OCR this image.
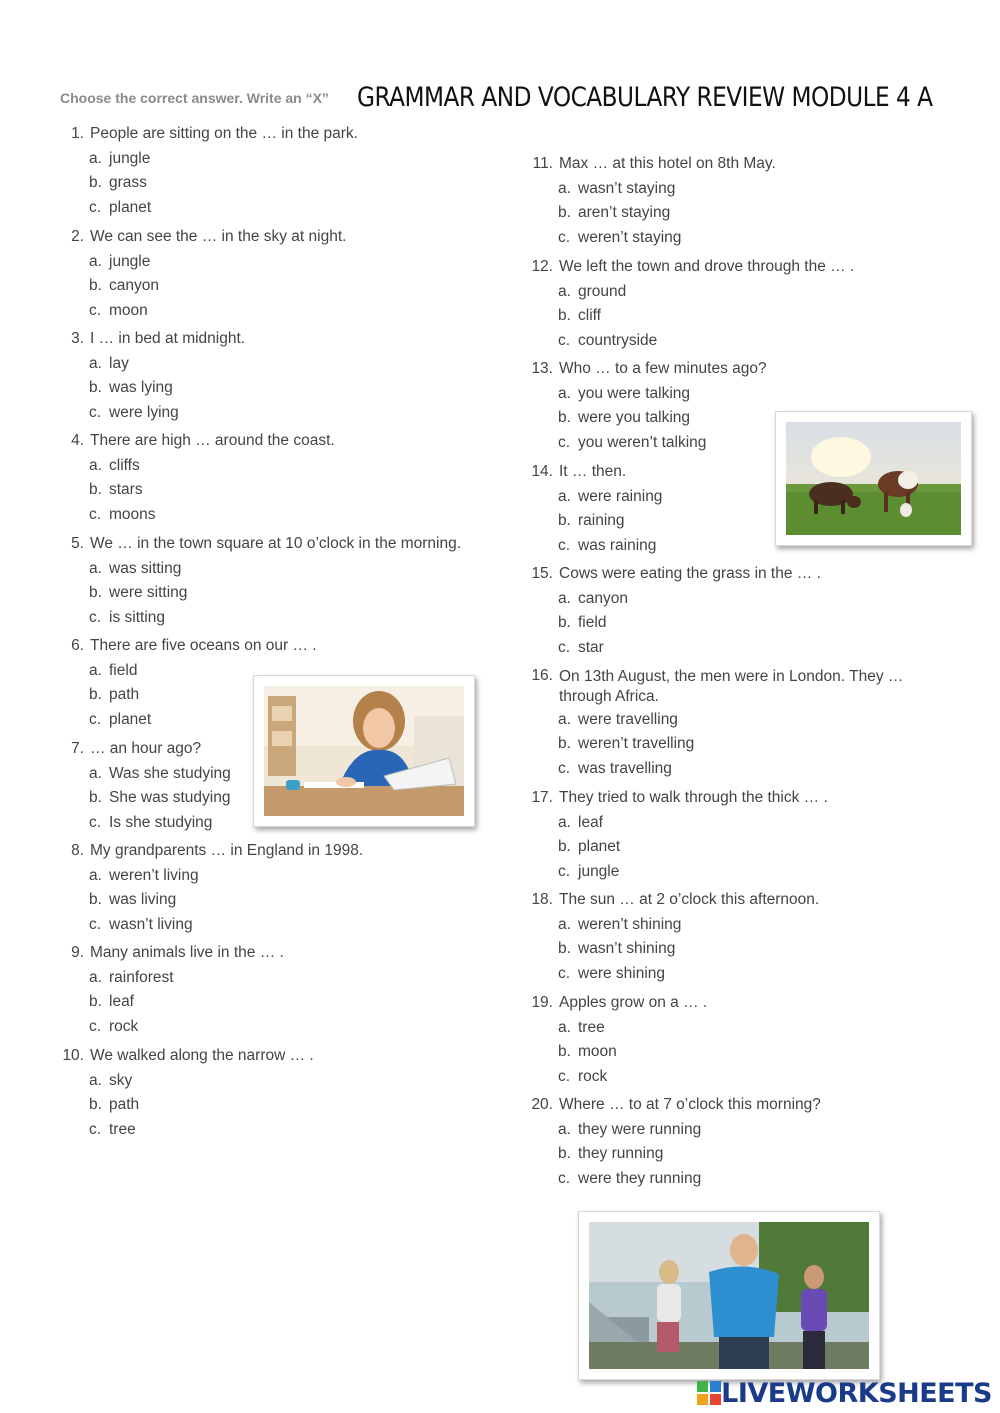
Choose the correct answer. Write an “X” GRAMMAR AND VOCABULARY REVIEW MODULE 4 A
1. People are sitting on the … in the park.
a. jungle
b. grass
c. planet
2. We can see the … in the sky at night.
a. jungle
b. canyon
c. moon
3. I … in bed at midnight.
a. lay
b. was lying
c. were lying
4. There are high … around the coast.
a. cliffs
b. stars
c. moons
5. We … in the town square at 10 o’clock in the morning.
a. was sitting
b. were sitting
c. is sitting
6. There are five oceans on our … .
a. field
b. path
c. planet
7. … an hour ago?
a. Was she studying
b. She was studying
c. Is she studying
8. My grandparents … in England in 1998.
a. weren’t living
b. was living
c. wasn’t living
9. Many animals live in the … .
a. rainforest
b. leaf
c. rock
10. We walked along the narrow … .
a. sky
b. path
c. tree
11. Max … at this hotel on 8th May.
a. wasn’t staying
b. aren’t staying
c. weren’t staying
12. We left the town and drove through the … .
a. ground
b. cliff
c. countryside
13. Who … to a few minutes ago?
a. you were talking
b. were you talking
c. you weren’t talking
14. It … then.
a. were raining
b. raining
c. was raining
15. Cows were eating the grass in the … .
a. canyon
b. field
c. star
16. On 13th August, the men were in London. They … through Africa.
a. were travelling
b. weren’t travelling
c. was travelling
17. They tried to walk through the thick … .
a. leaf
b. planet
c. jungle
18. The sun … at 2 o’clock this afternoon.
a. weren’t shining
b. wasn’t shining
c. were shining
19. Apples grow on a … .
a. tree
b. moon
c. rock
20. Where … to at 7 o’clock this morning?
a. they were running
b. they running
c. were they running
LIVEWORKSHEETS
